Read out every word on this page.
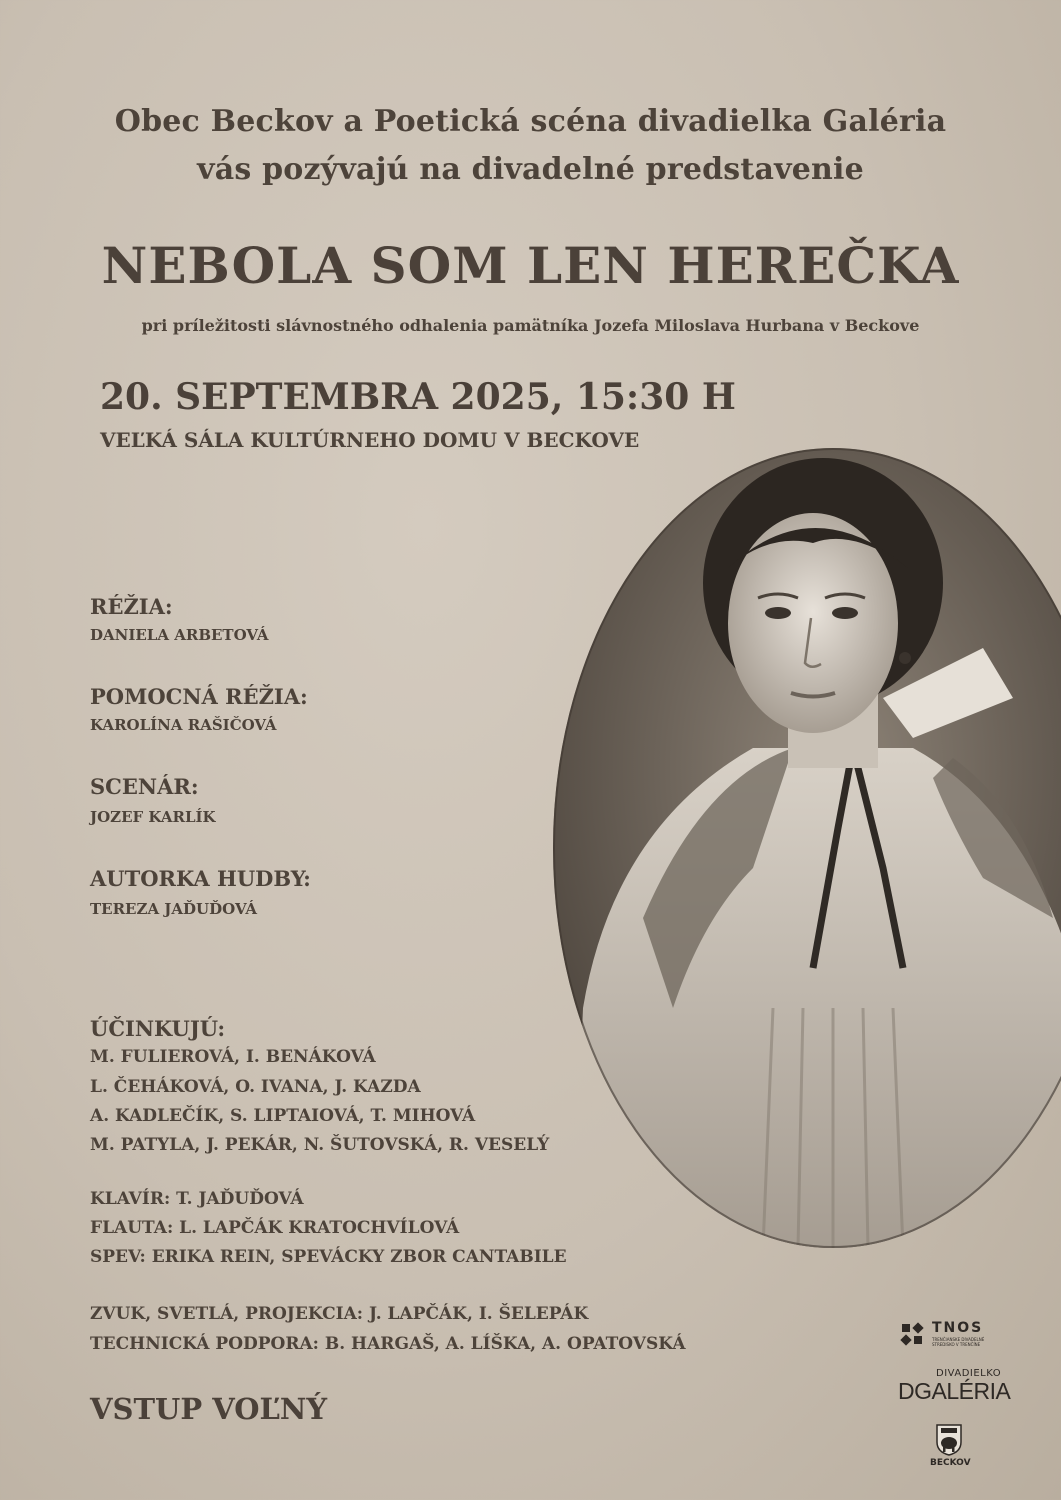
Obec Beckov a Poetická scéna divadielka Galéria
vás pozývajú na divadelné predstavenie
NEBOLA SOM LEN HEREČKA
pri príležitosti slávnostného odhalenia pamätníka Jozefa Miloslava Hurbana v Beckove
20. SEPTEMBRA 2025, 15:30 H
VEĽKÁ SÁLA KULTÚRNEHO DOMU V BECKOVE
RÉŽIA:
DANIELA ARBETOVÁ
POMOCNÁ RÉŽIA:
KAROLÍNA RAŠIČOVÁ
SCENÁR:
JOZEF KARLÍK
AUTORKA HUDBY:
TEREZA JAĎUĎOVÁ
ÚČINKUJÚ:
M. FULIEROVÁ, I. BENÁKOVÁ
L. ČEHÁKOVÁ, O. IVANA, J. KAZDA
A. KADLEČÍK, S. LIPTAIOVÁ, T. MIHOVÁ
M. PATYLA, J. PEKÁR, N. ŠUTOVSKÁ, R. VESELÝ
KLAVÍR: T. JAĎUĎOVÁ
FLAUTA: L. LAPČÁK KRATOCHVÍLOVÁ
SPEV: ERIKA REIN, SPEVÁCKY ZBOR CANTABILE
ZVUK, SVETLÁ, PROJEKCIA: J. LAPČÁK, I. ŠELEPÁK
TECHNICKÁ PODPORA: B. HARGAŠ, A. LÍŠKA, A. OPATOVSKÁ
VSTUP VOĽNÝ
TNOS
TRENČIANSKE DIVADELNÉ STREDISKO V TRENČÍNE
DIVADIELKO
DGALÉRIA
BECKOV
